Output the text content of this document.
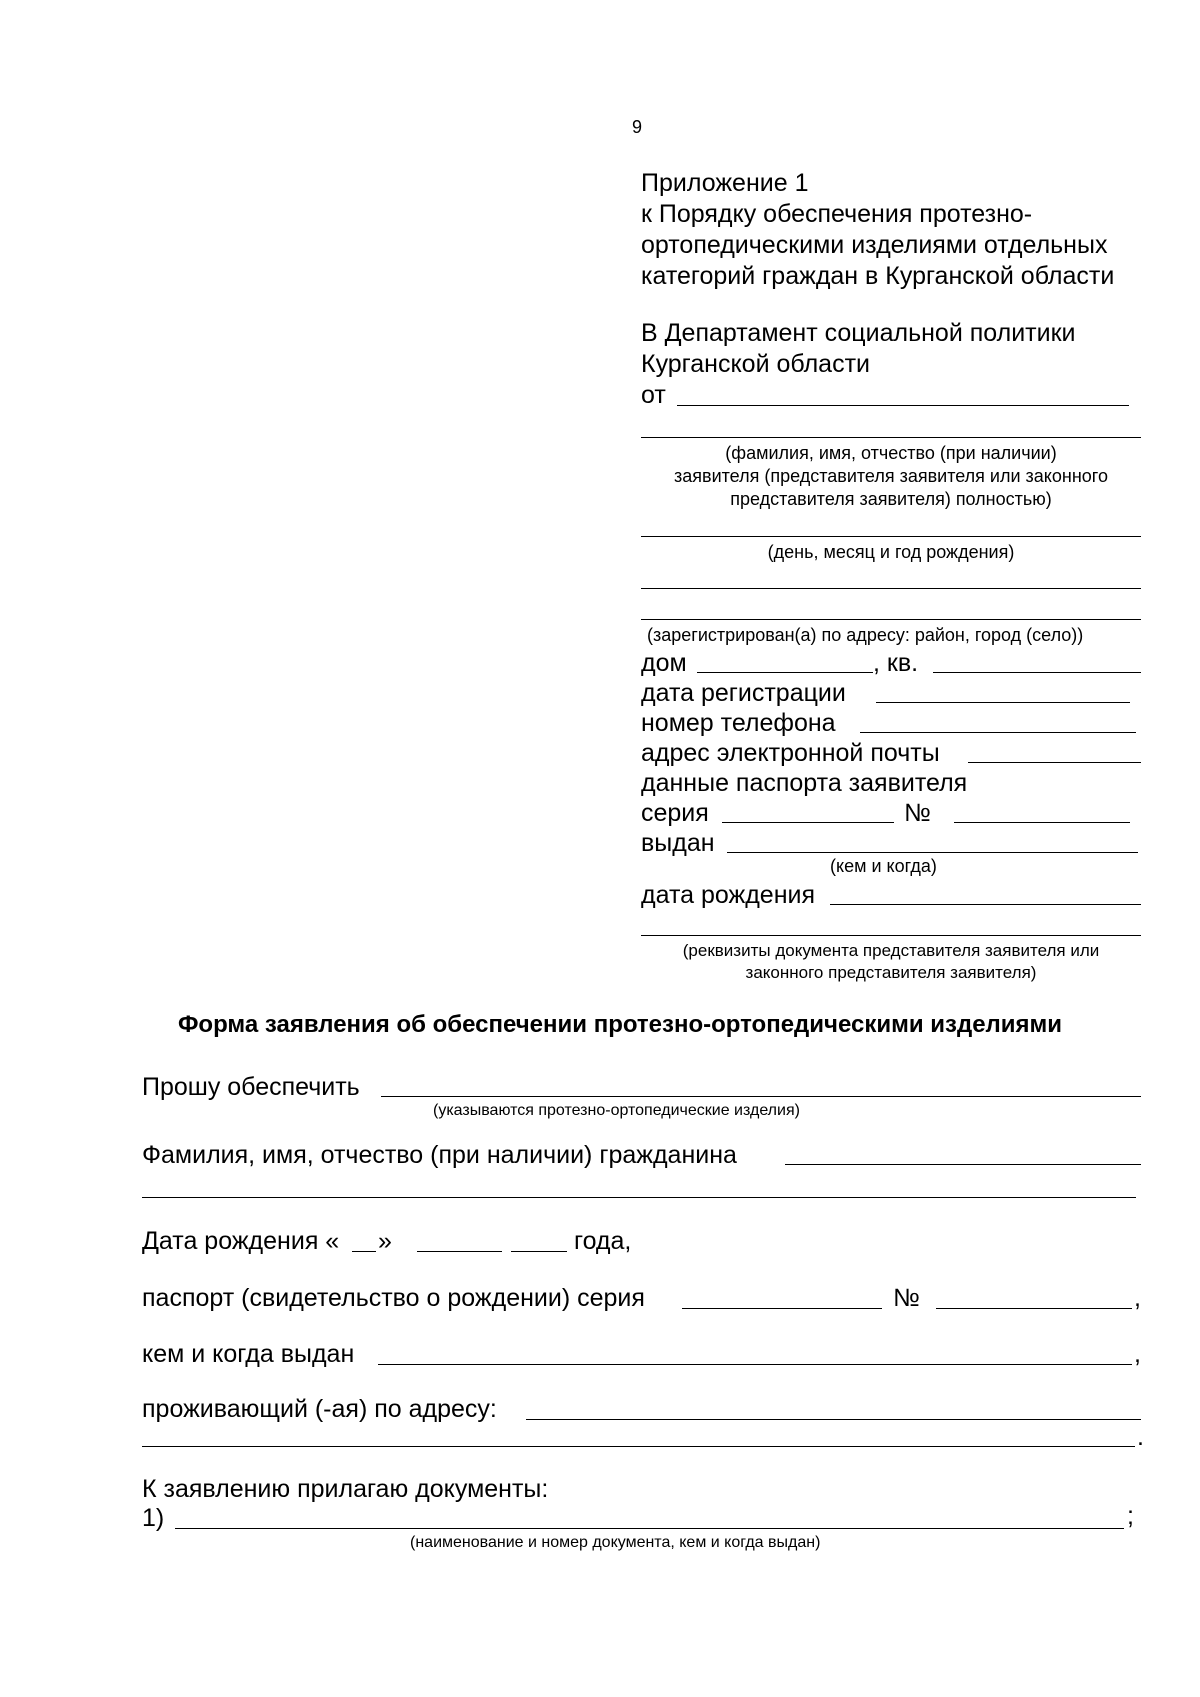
9
Приложение 1
к Порядку обеспечения протезно-
ортопедическими изделиями отдельных
категорий граждан в Курганской области
В Департамент социальной политики
Курганской области
от
(фамилия, имя, отчество (при наличии)
заявителя (представителя заявителя или законного
представителя заявителя) полностью)
(день, месяц и год рождения)
(зарегистрирован(а) по адресу: район, город (село))
дом	, кв.
дата регистрации
номер телефона
адрес электронной почты
данные паспорта заявителя
серия	№
выдан
(кем и когда)
дата рождения
(реквизиты документа представителя заявителя или
законного представителя заявителя)
Форма заявления об обеспечении протезно-ортопедическими изделиями
Прошу обеспечить
(указываются протезно-ортопедические изделия)
Фамилия, имя, отчество (при наличии) гражданина
Дата рождения « »	года,
паспорт (свидетельство о рождении) серия	№	,
кем и когда выдан	,
проживающий (-ая) по адресу:
.
К заявлению прилагаю документы:
1)	;
(наименование и номер документа, кем и когда выдан)
